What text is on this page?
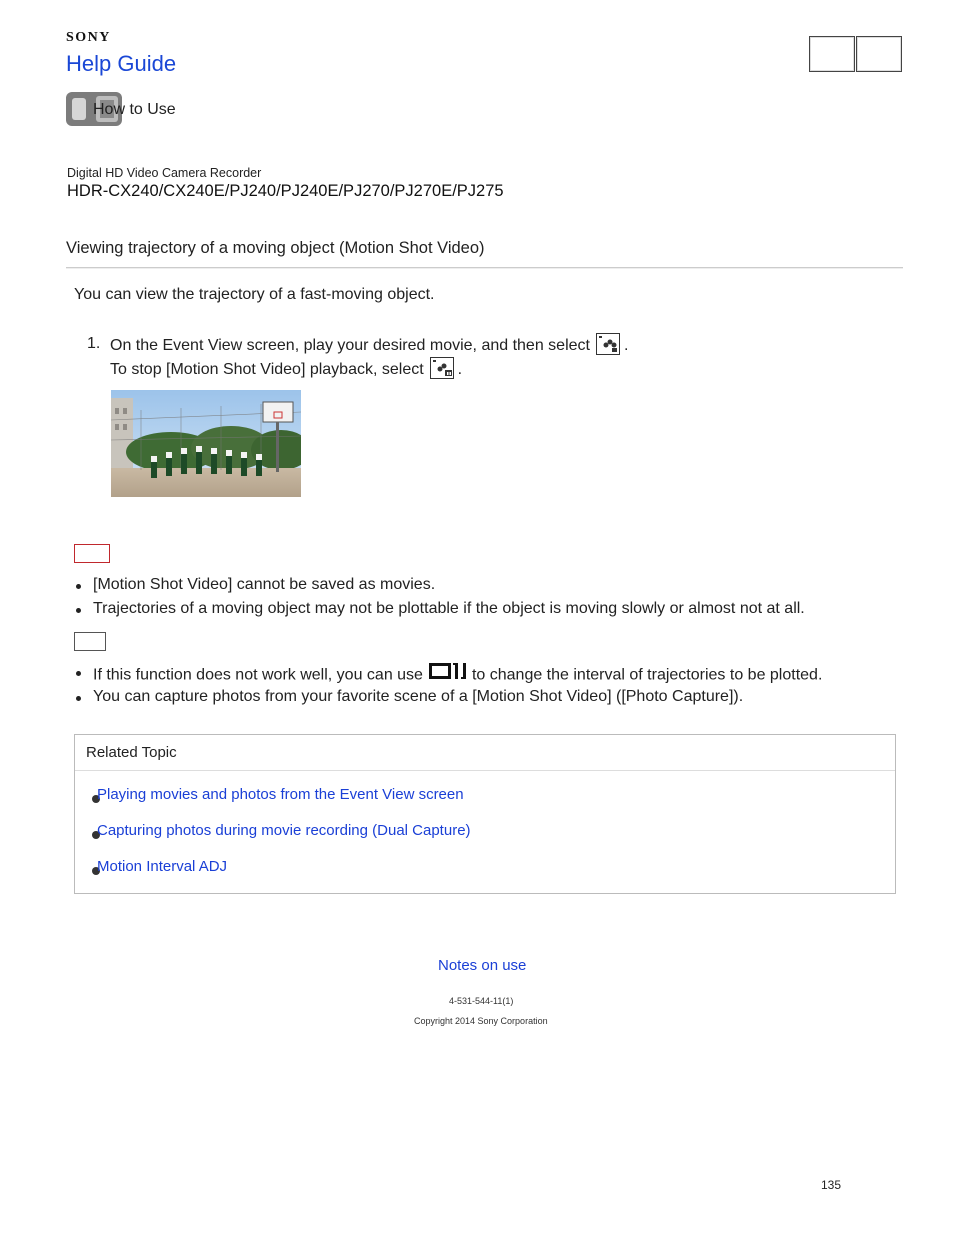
SONY
Help Guide
How to Use
Digital HD Video Camera Recorder
HDR-CX240/CX240E/PJ240/PJ240E/PJ270/PJ270E/PJ275
Viewing trajectory of a moving object (Motion Shot Video)
You can view the trajectory of a fast-moving object.
1. On the Event View screen, play your desired movie, and then select .
To stop [Motion Shot Video] playback, select .
[Motion Shot Video] cannot be saved as movies.
Trajectories of a moving object may not be plottable if the object is moving slowly or almost not at all.
If this function does not work well, you can use	to change the interval of trajectories to be plotted.
You can capture photos from your favorite scene of a [Motion Shot Video] ([Photo Capture]).
Related Topic
Playing movies and photos from the Event View screen
Capturing photos during movie recording (Dual Capture)
Motion Interval ADJ
Notes on use
4-531-544-11(1)
Copyright 2014 Sony Corporation
135
